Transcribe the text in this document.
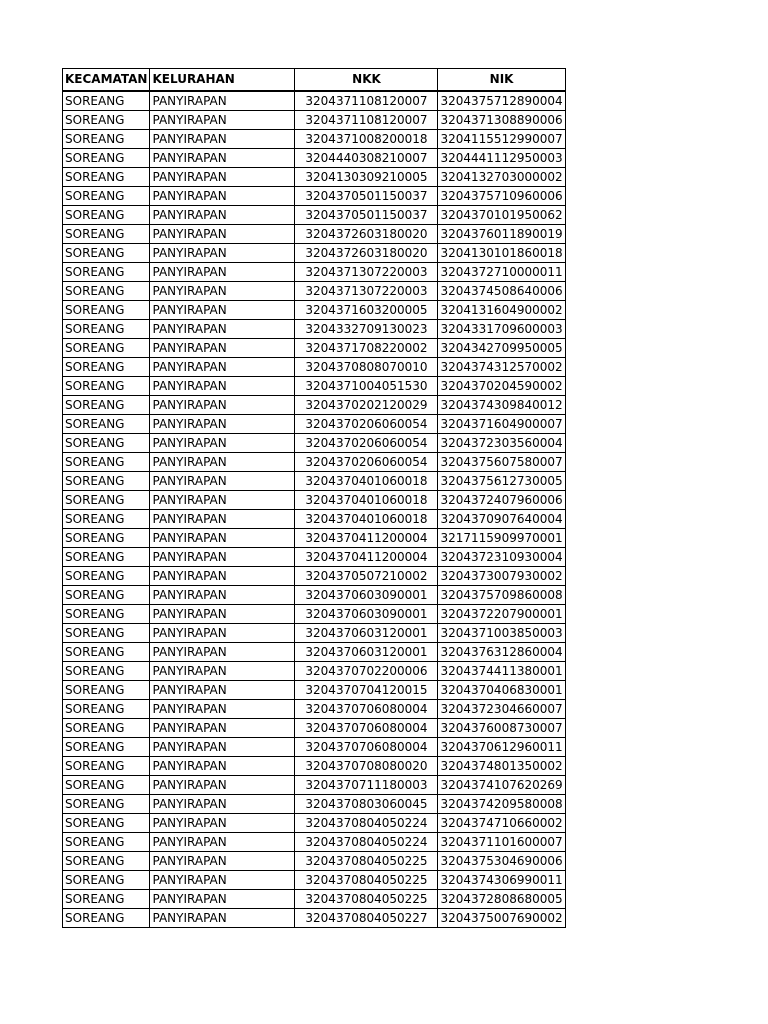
KECAMATAN	KELURAHAN	NKK	NIK
SOREANG	PANYIRAPAN	3204371108120007	3204375712890004
SOREANG	PANYIRAPAN	3204371108120007	3204371308890006
SOREANG	PANYIRAPAN	3204371008200018	3204115512990007
SOREANG	PANYIRAPAN	3204440308210007	3204441112950003
SOREANG	PANYIRAPAN	3204130309210005	3204132703000002
SOREANG	PANYIRAPAN	3204370501150037	3204375710960006
SOREANG	PANYIRAPAN	3204370501150037	3204370101950062
SOREANG	PANYIRAPAN	3204372603180020	3204376011890019
SOREANG	PANYIRAPAN	3204372603180020	3204130101860018
SOREANG	PANYIRAPAN	3204371307220003	3204372710000011
SOREANG	PANYIRAPAN	3204371307220003	3204374508640006
SOREANG	PANYIRAPAN	3204371603200005	3204131604900002
SOREANG	PANYIRAPAN	3204332709130023	3204331709600003
SOREANG	PANYIRAPAN	3204371708220002	3204342709950005
SOREANG	PANYIRAPAN	3204370808070010	3204374312570002
SOREANG	PANYIRAPAN	3204371004051530	3204370204590002
SOREANG	PANYIRAPAN	3204370202120029	3204374309840012
SOREANG	PANYIRAPAN	3204370206060054	3204371604900007
SOREANG	PANYIRAPAN	3204370206060054	3204372303560004
SOREANG	PANYIRAPAN	3204370206060054	3204375607580007
SOREANG	PANYIRAPAN	3204370401060018	3204375612730005
SOREANG	PANYIRAPAN	3204370401060018	3204372407960006
SOREANG	PANYIRAPAN	3204370401060018	3204370907640004
SOREANG	PANYIRAPAN	3204370411200004	3217115909970001
SOREANG	PANYIRAPAN	3204370411200004	3204372310930004
SOREANG	PANYIRAPAN	3204370507210002	3204373007930002
SOREANG	PANYIRAPAN	3204370603090001	3204375709860008
SOREANG	PANYIRAPAN	3204370603090001	3204372207900001
SOREANG	PANYIRAPAN	3204370603120001	3204371003850003
SOREANG	PANYIRAPAN	3204370603120001	3204376312860004
SOREANG	PANYIRAPAN	3204370702200006	3204374411380001
SOREANG	PANYIRAPAN	3204370704120015	3204370406830001
SOREANG	PANYIRAPAN	3204370706080004	3204372304660007
SOREANG	PANYIRAPAN	3204370706080004	3204376008730007
SOREANG	PANYIRAPAN	3204370706080004	3204370612960011
SOREANG	PANYIRAPAN	3204370708080020	3204374801350002
SOREANG	PANYIRAPAN	3204370711180003	3204374107620269
SOREANG	PANYIRAPAN	3204370803060045	3204374209580008
SOREANG	PANYIRAPAN	3204370804050224	3204374710660002
SOREANG	PANYIRAPAN	3204370804050224	3204371101600007
SOREANG	PANYIRAPAN	3204370804050225	3204375304690006
SOREANG	PANYIRAPAN	3204370804050225	3204374306990011
SOREANG	PANYIRAPAN	3204370804050225	3204372808680005
SOREANG	PANYIRAPAN	3204370804050227	3204375007690002
